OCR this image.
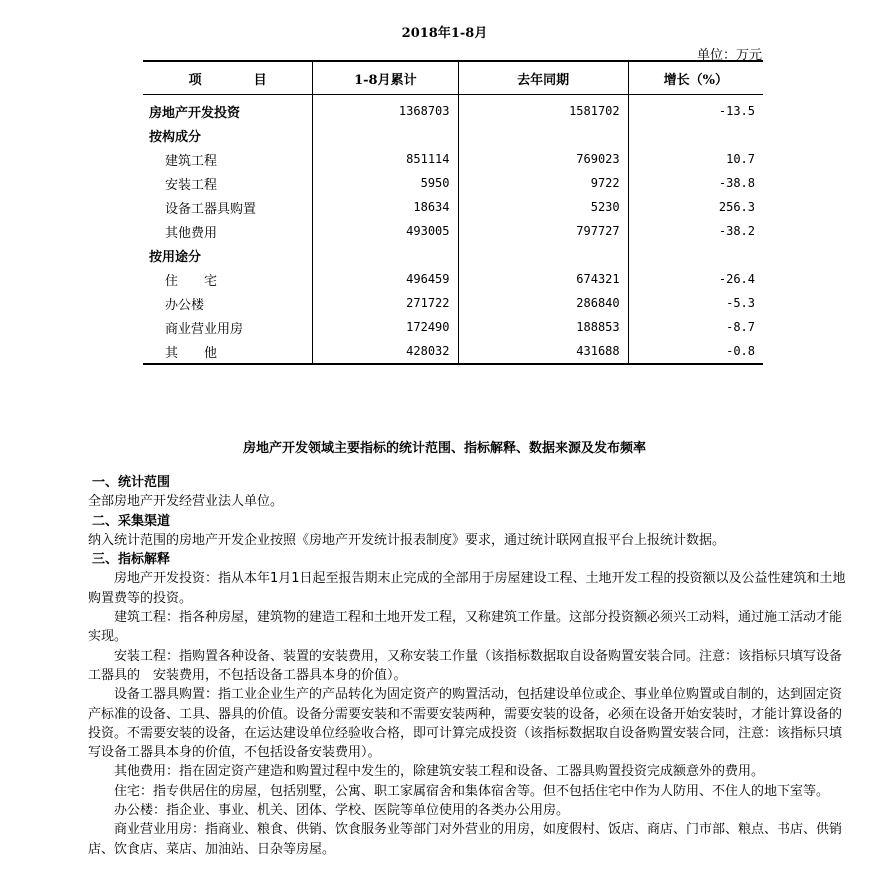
2018年1-8月
单位：万元
项　　　　目	1-8月累计	去年同期	增长（%）
房地产开发投资	1368703	1581702	-13.5
按构成分			
建筑工程	851114	769023	10.7
安装工程	5950	9722	-38.8
设备工器具购置	18634	5230	256.3
其他费用	493005	797727	-38.2
按用途分			
住　　宅	496459	674321	-26.4
办公楼	271722	286840	-5.3
商业营业用房	172490	188853	-8.7
其　　他	428032	431688	-0.8
房地产开发领域主要指标的统计范围、指标解释、数据来源及发布频率

一、统计范围

全部房地产开发经营业法人单位。

二、采集渠道

纳入统计范围的房地产开发企业按照《房地产开发统计报表制度》要求，通过统计联网直报平台上报统计数据。

三、指标解释

房地产开发投资：指从本年1月1日起至报告期末止完成的全部用于房屋建设工程、土地开发工程的投资额以及公益性建筑和土地购置费等的投资。

建筑工程：指各种房屋，建筑物的建造工程和土地开发工程，又称建筑工作量。这部分投资额必须兴工动料，通过施工活动才能实现。

安装工程：指购置各种设备、装置的安装费用，又称安装工作量（该指标数据取自设备购置安装合同。注意：该指标只填写设备工器具的　安装费用，不包括设备工器具本身的价值）。

设备工器具购置：指工业企业生产的产品转化为固定资产的购置活动，包括建设单位或企、事业单位购置或自制的，达到固定资产标准的设备、工具、器具的价值。设备分需要安装和不需要安装两种，需要安装的设备，必须在设备开始安装时，才能计算设备的投资。不需要安装的设备，在运达建设单位经验收合格，即可计算完成投资（该指标数据取自设备购置安装合同，注意：该指标只填写设备工器具本身的价值，不包括设备安装费用）。

其他费用：指在固定资产建造和购置过程中发生的，除建筑安装工程和设备、工器具购置投资完成额意外的费用。

住宅：指专供居住的房屋，包括别墅，公寓、职工家属宿舍和集体宿舍等。但不包括住宅中作为人防用、不住人的地下室等。

办公楼：指企业、事业、机关、团体、学校、医院等单位使用的各类办公用房。

商业营业用房：指商业、粮食、供销、饮食服务业等部门对外营业的用房，如度假村、饭店、商店、门市部、粮点、书店、供销店、饮食店、菜店、加油站、日杂等房屋。
